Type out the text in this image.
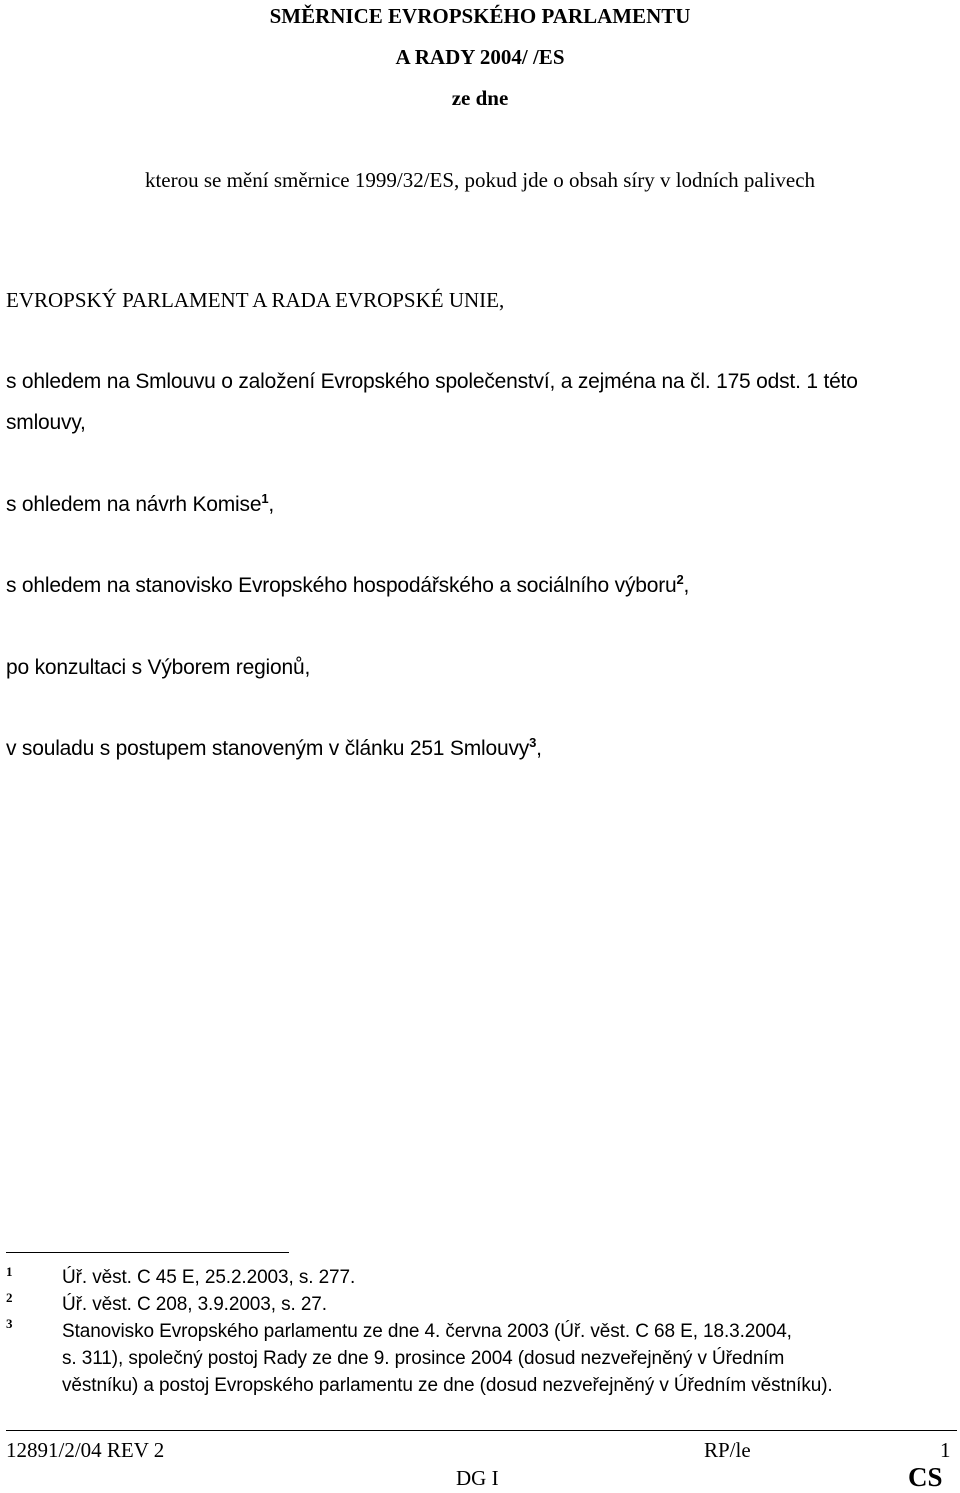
SMĚRNICE EVROPSKÉHO PARLAMENTU
A RADY 2004/ /ES
ze dne
kterou se mění směrnice 1999/32/ES, pokud jde o obsah síry v lodních palivech
EVROPSKÝ PARLAMENT A RADA EVROPSKÉ UNIE,
s ohledem na Smlouvu o založení Evropského společenství, a zejména na čl. 175 odst. 1 této
smlouvy,
s ohledem na návrh Komise$^1$,
s ohledem na stanovisko Evropského hospodářského a sociálního výboru$^2$,
po konzultaci s Výborem regionů,
v souladu s postupem stanoveným v článku 251 Smlouvy$^3$,
1	Úř. věst. C 45 E, 25.2.2003, s. 277.
2	Úř. věst. C 208, 3.9.2003, s. 27.
3	Stanovisko Evropského parlamentu ze dne 4. června 2003 (Úř. věst. C 68 E, 18.3.2004,
s. 311), společný postoj Rady ze dne 9. prosince 2004 (dosud nezveřejněný v Úředním
věstníku) a postoj Evropského parlamentu ze dne (dosud nezveřejněný v Úředním věstníku).
12891/2/04 REV 2	RP/le	1
DG I	CS
